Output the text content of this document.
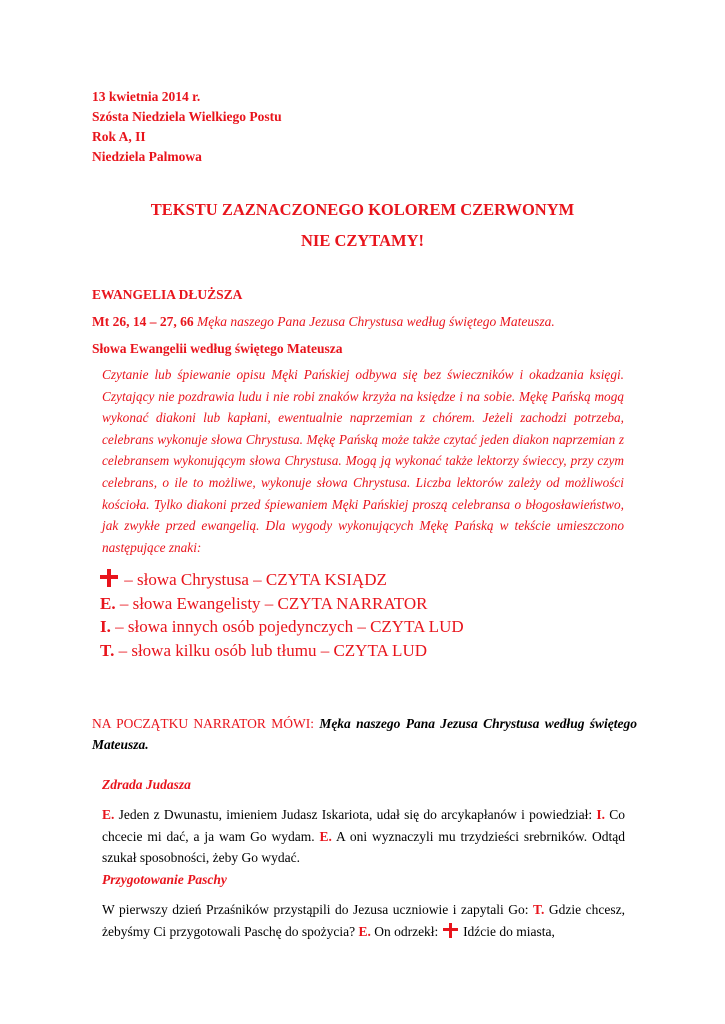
13 kwietnia 2014 r.
Szósta Niedziela Wielkiego Postu
Rok A, II
Niedziela Palmowa
TEKSTU ZAZNACZONEGO KOLOREM CZERWONYM
NIE CZYTAMY!
EWANGELIA DŁUŻSZA
Mt 26, 14 – 27, 66 Męka naszego Pana Jezusa Chrystusa według świętego Mateusza.
Słowa Ewangelii według świętego Mateusza
Czytanie lub śpiewanie opisu Męki Pańskiej odbywa się bez świeczników i okadzania księgi. Czytający nie pozdrawia ludu i nie robi znaków krzyża na księdze i na sobie. Mękę Pańską mogą wykonać diakoni lub kapłani, ewentualnie naprzemian z chórem. Jeżeli zachodzi potrzeba, celebrans wykonuje słowa Chrystusa. Mękę Pańską może także czytać jeden diakon naprzemian z celebransem wykonującym słowa Chrystusa. Mogą ją wykonać także lektorzy świeccy, przy czym celebrans, o ile to możliwe, wykonuje słowa Chrystusa. Liczba lektorów zależy od możliwości kościoła. Tylko diakoni przed śpiewaniem Męki Pańskiej proszą celebransa o błogosławieństwo, jak zwykłe przed ewangelią. Dla wygody wykonujących Mękę Pańską w tekście umieszczono następujące znaki:
– słowa Chrystusa – CZYTA KSIĄDZ
E. – słowa Ewangelisty – CZYTA NARRATOR
I. – słowa innych osób pojedynczych – CZYTA LUD
T. – słowa kilku osób lub tłumu – CZYTA LUD
NA POCZĄTKU NARRATOR MÓWI: Męka naszego Pana Jezusa Chrystusa według świętego Mateusza.
Zdrada Judasza
E. Jeden z Dwunastu, imieniem Judasz Iskariota, udał się do arcykapłanów i powiedział: I. Co chcecie mi dać, a ja wam Go wydam. E. A oni wyznaczyli mu trzydzieści srebrników. Odtąd szukał sposobności, żeby Go wydać.
Przygotowanie Paschy
W pierwszy dzień Przaśników przystąpili do Jezusa uczniowie i zapytali Go: T. Gdzie chcesz, żebyśmy Ci przygotowali Paschę do spożycia? E. On odrzekł:  Idźcie do miasta,
